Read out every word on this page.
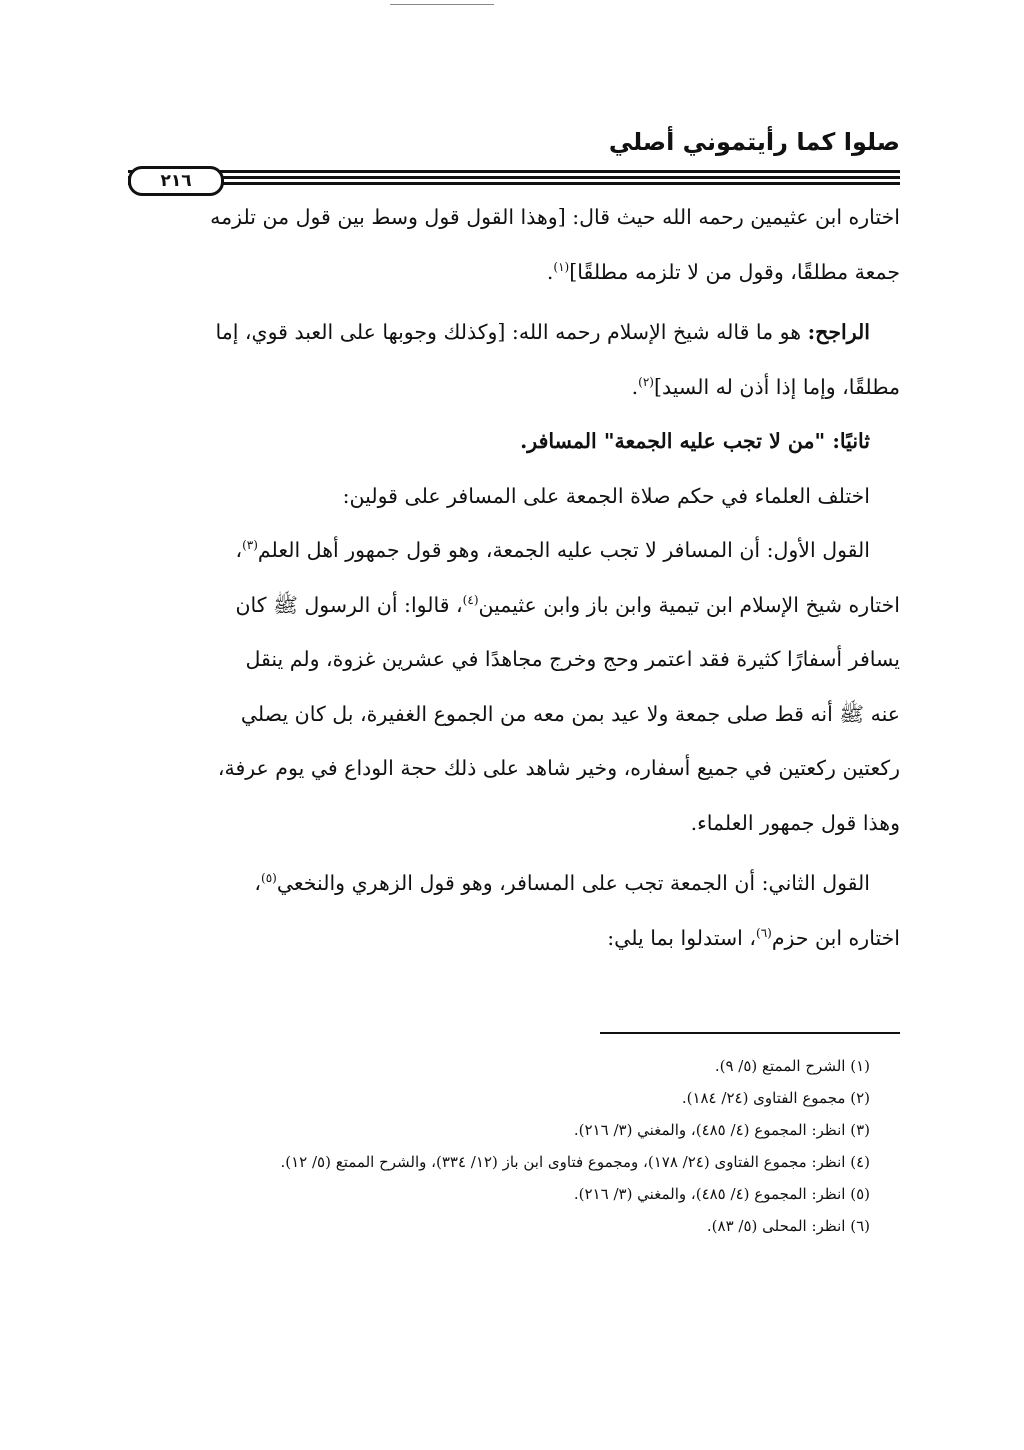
صلوا كما رأيتموني أصلي
٢١٦
اختاره ابن عثيمين رحمه الله حيث قال: [وهذا القول قول وسط بين قول من تلزمه
جمعة مطلقًا، وقول من لا تلزمه مطلقًا]$^{(١)}$.
الراجح: هو ما قاله شيخ الإسلام رحمه الله: [وكذلك وجوبها على العبد قوي، إما
مطلقًا، وإما إذا أذن له السيد]$^{(٢)}$.
ثانيًا: "من لا تجب عليه الجمعة" المسافر.
اختلف العلماء في حكم صلاة الجمعة على المسافر على قولين:
القول الأول: أن المسافر لا تجب عليه الجمعة، وهو قول جمهور أهل العلم$^{(٣)}$،
اختاره شيخ الإسلام ابن تيمية وابن باز وابن عثيمين$^{(٤)}$، قالوا: أن الرسول ﷺ كان
يسافر أسفارًا كثيرة فقد اعتمر وحج وخرج مجاهدًا في عشرين غزوة، ولم ينقل
عنه ﷺ أنه قط صلى جمعة ولا عيد بمن معه من الجموع الغفيرة، بل كان يصلي
ركعتين ركعتين في جميع أسفاره، وخير شاهد على ذلك حجة الوداع في يوم عرفة،
وهذا قول جمهور العلماء.
القول الثاني: أن الجمعة تجب على المسافر، وهو قول الزهري والنخعي$^{(٥)}$،
اختاره ابن حزم$^{(٦)}$، استدلوا بما يلي:
(١) الشرح الممتع (٥/ ٩).
(٢) مجموع الفتاوى (٢٤/ ١٨٤).
(٣) انظر: المجموع (٤/ ٤٨٥)، والمغني (٣/ ٢١٦).
(٤) انظر: مجموع الفتاوى (٢٤/ ١٧٨)، ومجموع فتاوى ابن باز (١٢/ ٣٣٤)، والشرح الممتع (٥/ ١٢).
(٥) انظر: المجموع (٤/ ٤٨٥)، والمغني (٣/ ٢١٦).
(٦) انظر: المحلى (٥/ ٨٣).
